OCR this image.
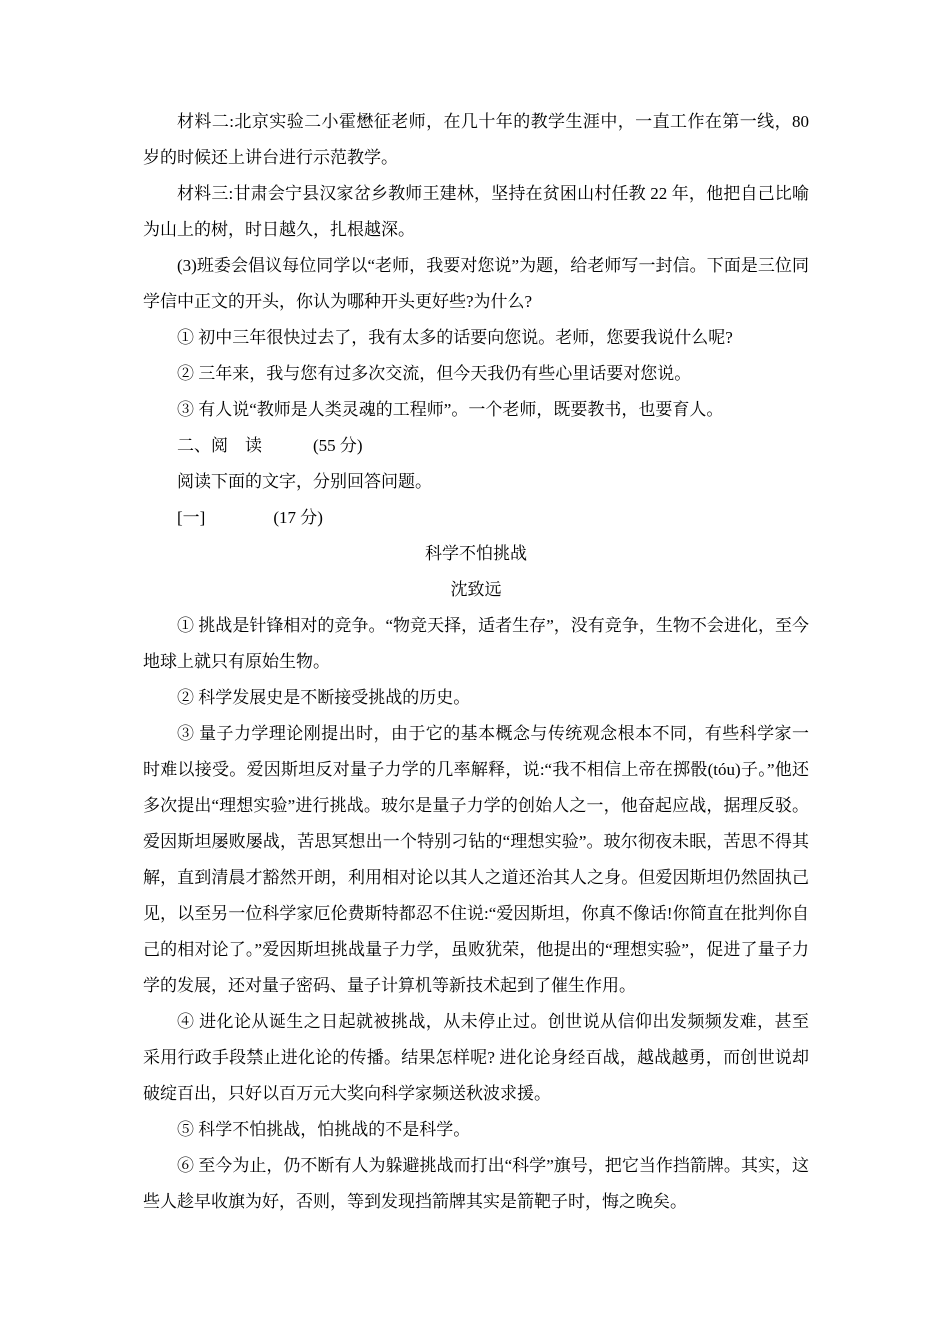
材料二:北京实验二小霍懋征老师，在几十年的教学生涯中，一直工作在第一线，80 岁的时候还上讲台进行示范教学。

材料三:甘肃会宁县汉家岔乡教师王建林，坚持在贫困山村任教 22 年，他把自己比喻为山上的树，时日越久，扎根越深。

(3)班委会倡议每位同学以“老师，我要对您说”为题，给老师写一封信。下面是三位同学信中正文的开头，你认为哪种开头更好些?为什么?

① 初中三年很快过去了，我有太多的话要向您说。老师，您要我说什么呢?

② 三年来，我与您有过多次交流，但今天我仍有些心里话要对您说。

③ 有人说“教师是人类灵魂的工程师”。一个老师，既要教书，也要育人。

二、阅　读　　　(55 分)

阅读下面的文字，分别回答问题。

[一]　　　　(17 分)

科学不怕挑战

沈致远

① 挑战是针锋相对的竞争。“物竞天择，适者生存”，没有竞争，生物不会进化，至今地球上就只有原始生物。

② 科学发展史是不断接受挑战的历史。

③ 量子力学理论刚提出时，由于它的基本概念与传统观念根本不同，有些科学家一时难以接受。爱因斯坦反对量子力学的几率解释，说:“我不相信上帝在掷骰(tóu)子。”他还多次提出“理想实验”进行挑战。玻尔是量子力学的创始人之一，他奋起应战，据理反驳。爱因斯坦屡败屡战，苦思冥想出一个特别刁钻的“理想实验”。玻尔彻夜未眠，苦思不得其解，直到清晨才豁然开朗，利用相对论以其人之道还治其人之身。但爱因斯坦仍然固执己见，以至另一位科学家厄伦费斯特都忍不住说:“爱因斯坦，你真不像话!你简直在批判你自己的相对论了。”爱因斯坦挑战量子力学，虽败犹荣，他提出的“理想实验”，促进了量子力学的发展，还对量子密码、量子计算机等新技术起到了催生作用。

④ 进化论从诞生之日起就被挑战，从未停止过。创世说从信仰出发频频发难，甚至采用行政手段禁止进化论的传播。结果怎样呢? 进化论身经百战，越战越勇，而创世说却破绽百出，只好以百万元大奖向科学家频送秋波求援。

⑤ 科学不怕挑战，怕挑战的不是科学。

⑥ 至今为止，仍不断有人为躲避挑战而打出“科学”旗号，把它当作挡箭牌。其实，这些人趁早收旗为好，否则，等到发现挡箭牌其实是箭靶子时，悔之晚矣。
